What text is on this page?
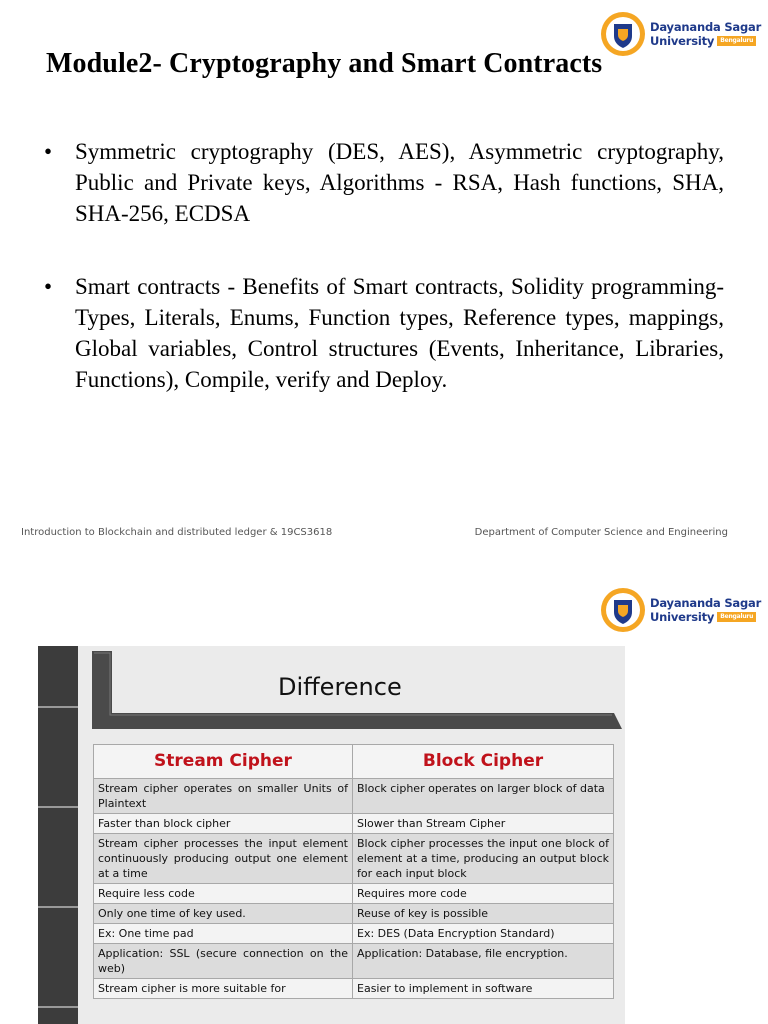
Dayananda Sagar
University	Bengaluru
Module2- Cryptography and Smart Contracts
• Symmetric cryptography (DES, AES), Asymmetric cryptography, Public and Private keys, Algorithms - RSA, Hash functions, SHA, SHA-256, ECDSA
• Smart contracts - Benefits of Smart contracts, Solidity programming-Types, Literals, Enums, Function types, Reference types, mappings, Global variables, Control structures (Events, Inheritance, Libraries, Functions), Compile, verify and Deploy.
Introduction to Blockchain and distributed ledger & 19CS3618	Department of Computer Science and Engineering
Dayananda Sagar
University	Bengaluru
Difference
Stream Cipher	Block Cipher
Stream cipher operates on smaller Units of Plaintext	Block cipher operates on larger block of data
Faster than block cipher	Slower than Stream Cipher
Stream cipher processes the input element continuously producing output one element at a time	Block cipher processes the input one block of element at a time, producing an output block for each input block
Require less code	Requires more code
Only one time of key used.	Reuse of key is possible
Ex: One time pad	Ex: DES (Data Encryption Standard)
Application: SSL (secure connection on the web)	Application: Database, file encryption.
Stream cipher is more suitable for	Easier to implement in software
